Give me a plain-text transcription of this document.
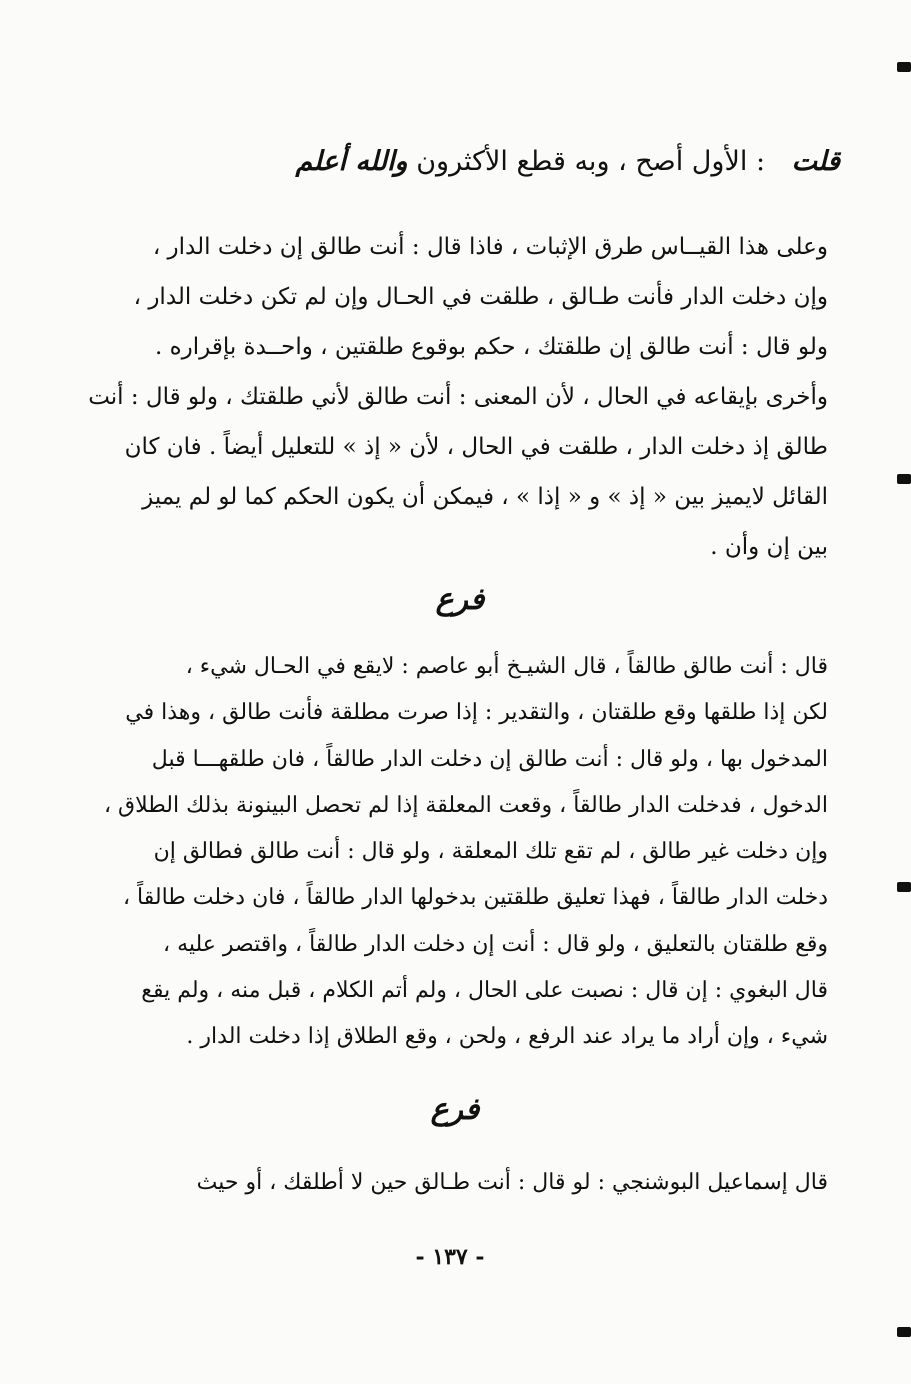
قلت : الأول أصح ، وبه قطع الأكثرون والله أعلم
وعلى هذا القيــاس طرق الإثبات ، فاذا قال : أنت طالق إن دخلت الدار ،
وإن دخلت الدار فأنت طـالق ، طلقت في الحـال وإن لم تكن دخلت الدار ،
ولو قال : أنت طالق إن طلقتك ، حكم بوقوع طلقتين ، واحــدة بإقراره .
وأخرى بإيقاعه في الحال ، لأن المعنى : أنت طالق لأني طلقتك ، ولو قال : أنت
طالق إذ دخلت الدار ، طلقت في الحال ، لأن « إذ » للتعليل أيضاً . فان كان
القائل لايميز بين « إذ » و « إذا » ، فيمكن أن يكون الحكم كما لو لم يميز
بين إن وأن .
فرع
قال : أنت طالق طالقاً ، قال الشيـخ أبو عاصم : لايقع في الحـال شيء ،
لكن إذا طلقها وقع طلقتان ، والتقدير : إذا صرت مطلقة فأنت طالق ، وهذا في
المدخول بها ، ولو قال : أنت طالق إن دخلت الدار طالقاً ، فان طلقهـــا قبل
الدخول ، فدخلت الدار طالقاً ، وقعت المعلقة إذا لم تحصل البينونة بذلك الطلاق ،
وإن دخلت غير طالق ، لم تقع تلك المعلقة ، ولو قال : أنت طالق فطالق إن
دخلت الدار طالقاً ، فهذا تعليق طلقتين بدخولها الدار طالقاً ، فان دخلت طالقاً ،
وقع طلقتان بالتعليق ، ولو قال : أنت إن دخلت الدار طالقاً ، واقتصر عليه ،
قال البغوي : إن قال : نصبت على الحال ، ولم أتم الكلام ، قبل منه ، ولم يقع
شيء ، وإن أراد ما يراد عند الرفع ، ولحن ، وقع الطلاق إذا دخلت الدار .
فرع
قال إسماعيل البوشنجي : لو قال : أنت طـالق حين لا أطلقك ، أو حيث
- ١٣٧ -
